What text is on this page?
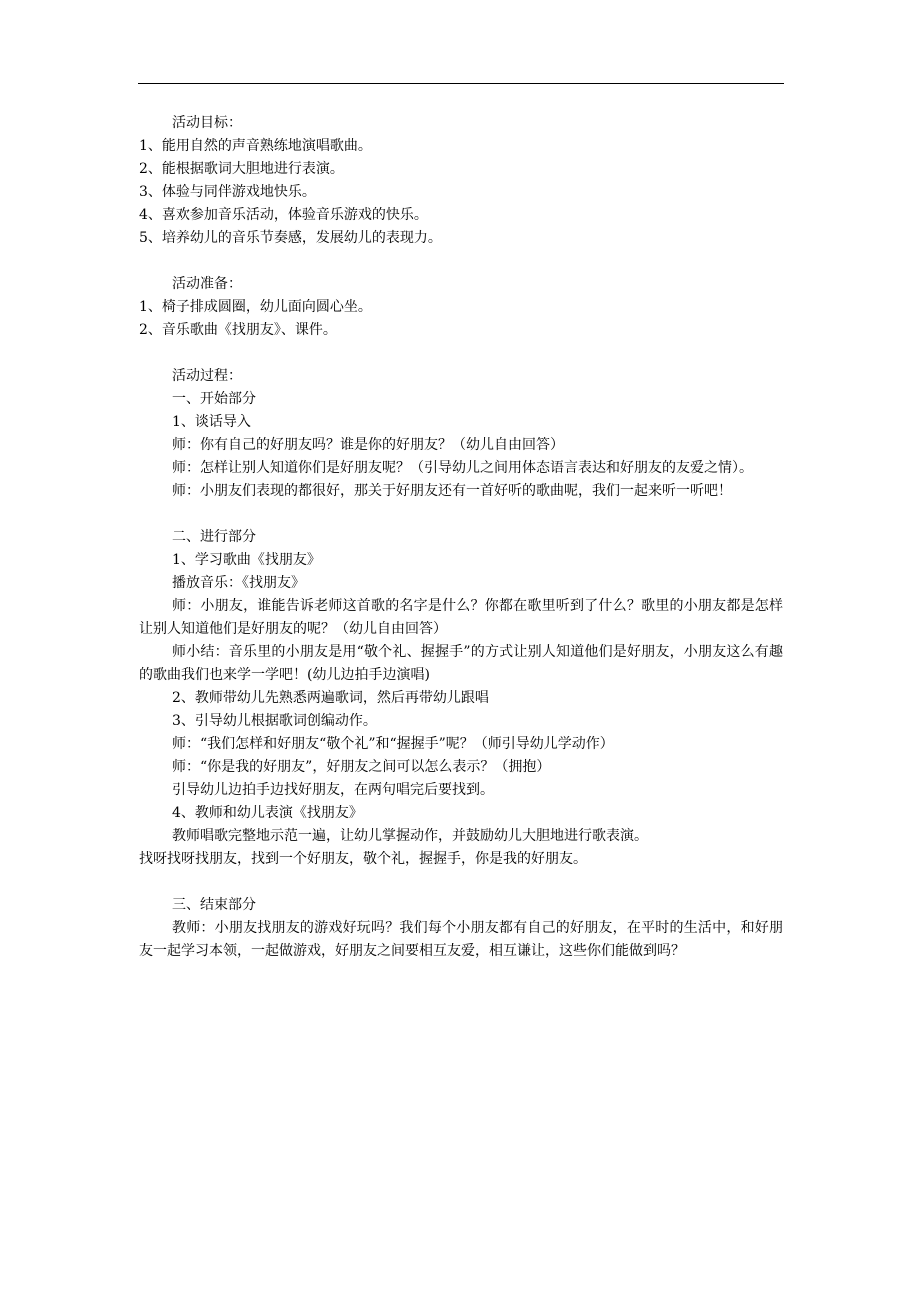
活动目标：

1、能用自然的声音熟练地演唱歌曲。

2、能根据歌词大胆地进行表演。

3、体验与同伴游戏地快乐。

4、喜欢参加音乐活动，体验音乐游戏的快乐。

5、培养幼儿的音乐节奏感，发展幼儿的表现力。

活动准备：

1、椅子排成圆圈，幼儿面向圆心坐。

2、音乐歌曲《找朋友》、课件。

活动过程：

一、开始部分

1、谈话导入

师：你有自己的好朋友吗？谁是你的好朋友？（幼儿自由回答）

师：怎样让别人知道你们是好朋友呢？（引导幼儿之间用体态语言表达和好朋友的友爱之情）。

师：小朋友们表现的都很好，那关于好朋友还有一首好听的歌曲呢，我们一起来听一听吧！

二、进行部分

1、学习歌曲《找朋友》

播放音乐：《找朋友》

师：小朋友，谁能告诉老师这首歌的名字是什么？你都在歌里听到了什么？歌里的小朋友都是怎样让别人知道他们是好朋友的呢？（幼儿自由回答）

师小结：音乐里的小朋友是用“敬个礼、握握手”的方式让别人知道他们是好朋友，小朋友这么有趣的歌曲我们也来学一学吧！(幼儿边拍手边演唱)

2、教师带幼儿先熟悉两遍歌词，然后再带幼儿跟唱

3、引导幼儿根据歌词创编动作。

师：“我们怎样和好朋友“敬个礼”和“握握手”呢？（师引导幼儿学动作）

师：“你是我的好朋友”，好朋友之间可以怎么表示？（拥抱）

引导幼儿边拍手边找好朋友，在两句唱完后要找到。

4、教师和幼儿表演《找朋友》

教师唱歌完整地示范一遍，让幼儿掌握动作，并鼓励幼儿大胆地进行歌表演。

找呀找呀找朋友，找到一个好朋友，敬个礼，握握手，你是我的好朋友。

三、结束部分

教师：小朋友找朋友的游戏好玩吗？我们每个小朋友都有自己的好朋友，在平时的生活中，和好朋友一起学习本领，一起做游戏，好朋友之间要相互友爱，相互谦让，这些你们能做到吗？
